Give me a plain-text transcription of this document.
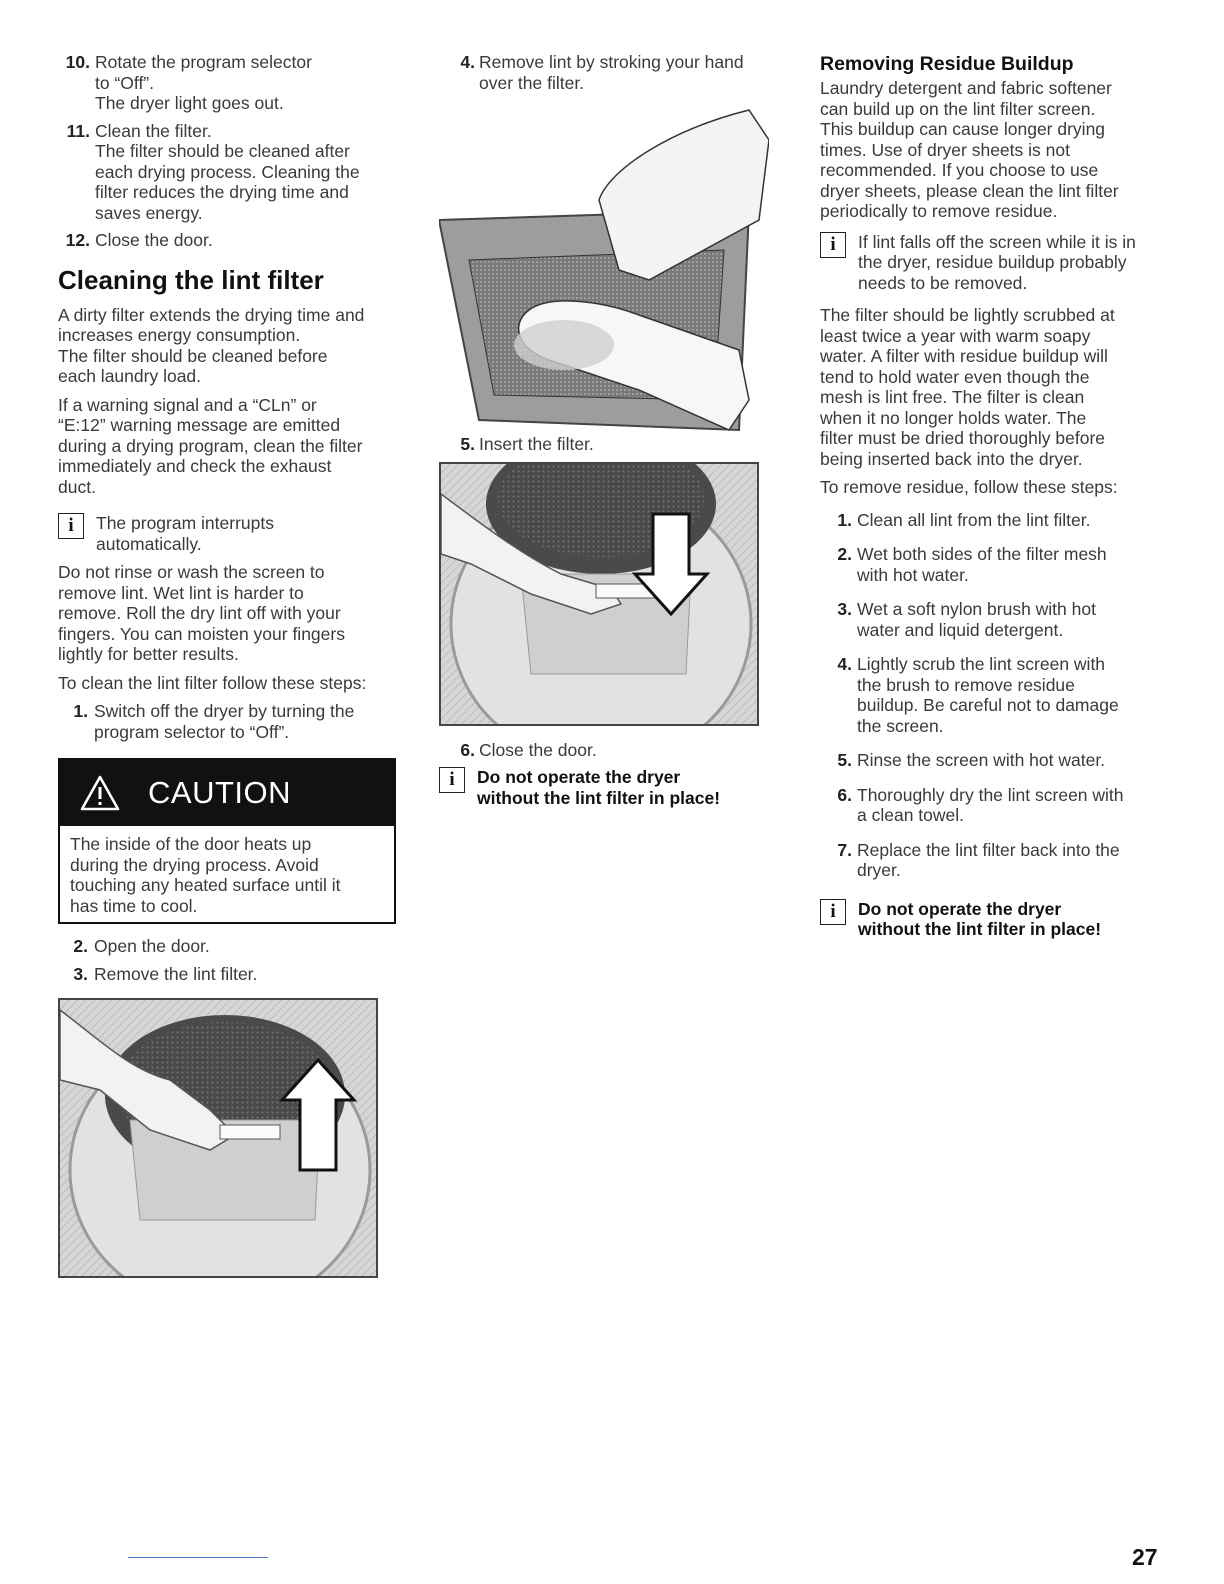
10. Rotate the program selector
to “Off”.
The dryer light goes out.
11. Clean the filter.
The filter should be cleaned after
each drying process. Cleaning the
filter reduces the drying time and
saves energy.
12. Close the door.
Cleaning the lint filter

A dirty filter extends the drying time and
increases energy consumption.
The filter should be cleaned before
each laundry load.

If a warning signal and a “CLn” or
“E:12” warning message are emitted
during a drying program, clean the filter
immediately and check the exhaust
duct.

i	The program interrupts
automatically.

Do not rinse or wash the screen to
remove lint. Wet lint is harder to
remove. Roll the dry lint off with your
fingers. You can moisten your fingers
lightly for better results.

To clean the lint filter follow these steps:

1. Switch off the dryer by turning the
program selector to “Off”.
CAUTION
The inside of the door heats up
during the drying process. Avoid
touching any heated surface until it
has time to cool.
2. Open the door.
3. Remove the lint filter.
4. Remove lint by stroking your hand
over the filter.
5. Insert the filter.
6. Close the door.
i	Do not operate the dryer
without the lint filter in place!
Removing Residue Buildup

Laundry detergent and fabric softener
can build up on the lint filter screen.
This buildup can cause longer drying
times. Use of dryer sheets is not
recommended. If you choose to use
dryer sheets, please clean the lint filter
periodically to remove residue.

i	If lint falls off the screen while it is in
the dryer, residue buildup probably
needs to be removed.

The filter should be lightly scrubbed at
least twice a year with warm soapy
water. A filter with residue buildup will
tend to hold water even though the
mesh is lint free. The filter is clean
when it no longer holds water. The
filter must be dried thoroughly before
being inserted back into the dryer.

To remove residue, follow these steps:

1. Clean all lint from the lint filter.
2. Wet both sides of the filter mesh
with hot water.
3. Wet a soft nylon brush with hot
water and liquid detergent.
4. Lightly scrub the lint screen with
the brush to remove residue
buildup. Be careful not to damage
the screen.
5. Rinse the screen with hot water.
6. Thoroughly dry the lint screen with
a clean towel.
7. Replace the lint filter back into the
dryer.
i	Do not operate the dryer
without the lint filter in place!
27
